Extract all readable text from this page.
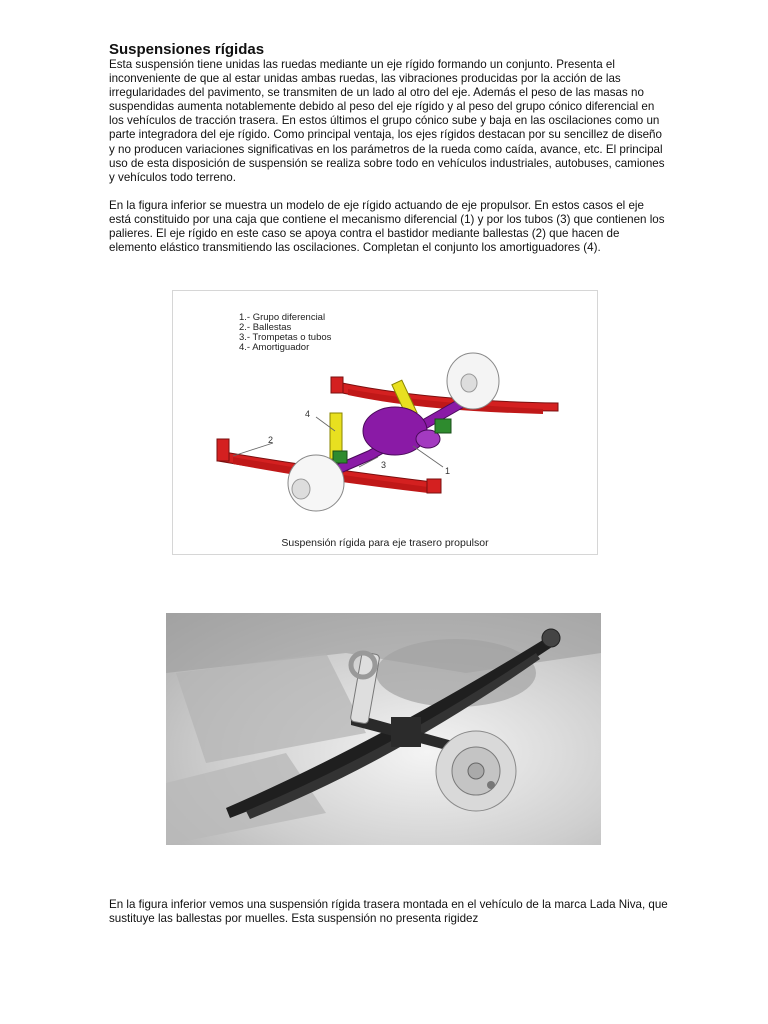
Suspensiones rígidas

Esta suspensión tiene unidas las ruedas mediante un eje rígido formando un conjunto. Presenta el inconveniente de que al estar unidas ambas ruedas, las vibraciones producidas por la acción de las irregularidades del pavimento, se transmiten de un lado al otro del eje. Además el peso de las masas no suspendidas aumenta notablemente debido al peso del eje rígido y al peso del grupo cónico diferencial en los vehículos de tracción trasera. En estos últimos el grupo cónico sube y baja en las oscilaciones como un parte integradora del eje rígido. Como principal ventaja, los ejes rígidos destacan por su sencillez de diseño y no producen variaciones significativas en los parámetros de la rueda como caída, avance, etc. El principal uso de esta disposición de suspensión se realiza sobre todo en vehículos industriales, autobuses, camiones y vehículos todo terreno.

En la figura inferior se muestra un modelo de eje rígido actuando de eje propulsor. En estos casos el eje está constituido por una caja que contiene el mecanismo diferencial (1) y por los tubos (3) que contienen los palieres. El eje rígido en este caso se apoya contra el bastidor mediante ballestas (2) que hacen de elemento elástico transmitiendo las oscilaciones. Completan el conjunto los amortiguadores (4).

2
4
3
1
1.- Grupo diferencial
2.- Ballestas
3.- Trompetas o tubos
4.- Amortiguador
Suspensión rígida para eje trasero propulsor

En la figura inferior vemos una suspensión rígida trasera montada en el vehículo de la marca Lada Niva, que sustituye las ballestas por muelles. Esta suspensión no presenta rigidez
